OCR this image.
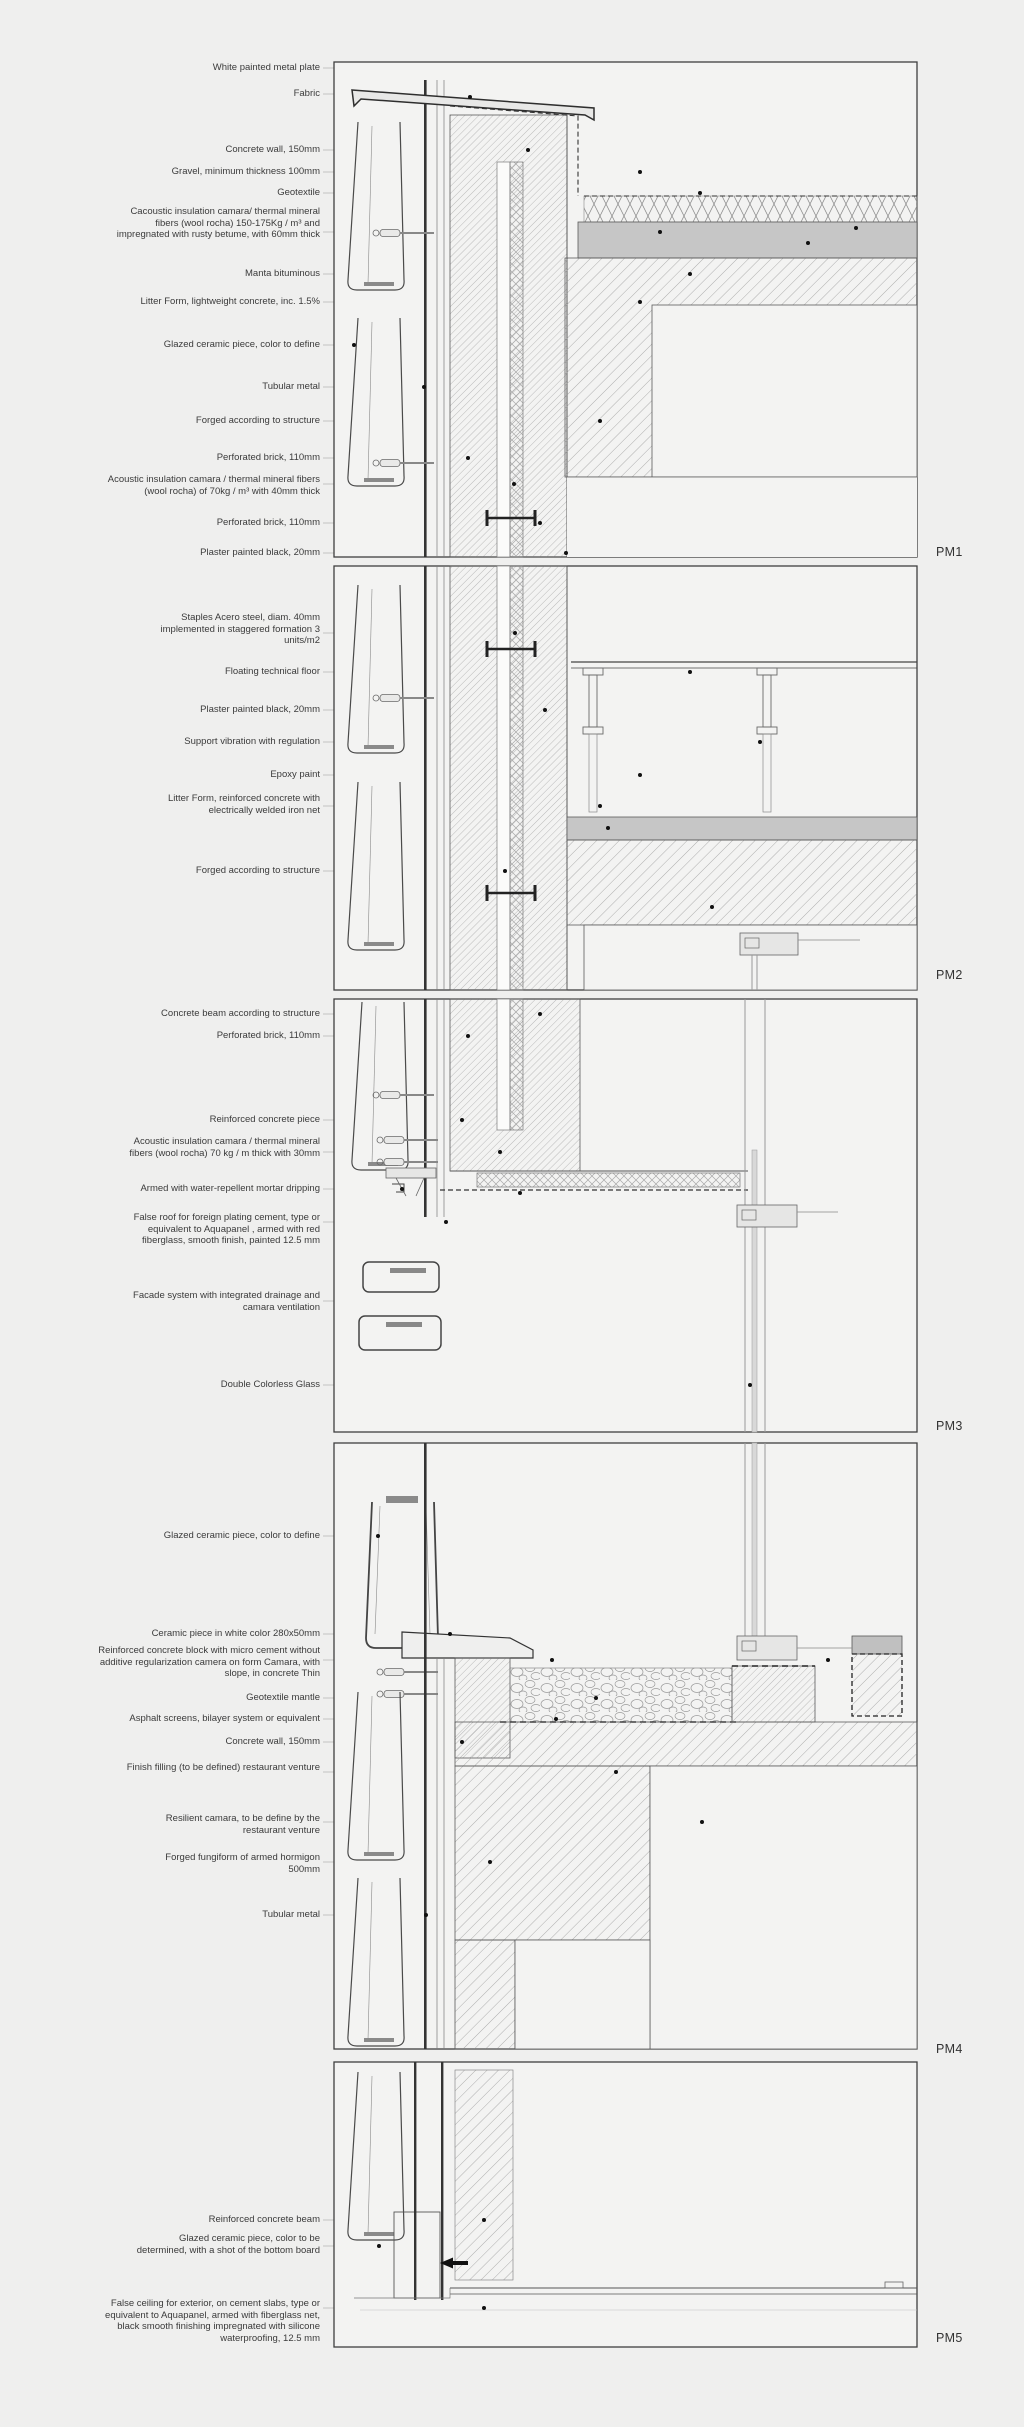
White painted metal plate
Fabric
Concrete wall, 150mm
Gravel, minimum thickness 100mm
Geotextile
Cacoustic insulation camara/ thermal mineral fibers (wool rocha) 150-175Kg / m³ and impregnated with rusty betume, with 60mm thick
Manta bituminous
Litter Form, lightweight concrete, inc. 1.5%
Glazed ceramic piece, color to define
Tubular metal
Forged according to structure
Perforated brick, 110mm
Acoustic insulation camara / thermal mineral fibers (wool rocha) of 70kg / m³ with 40mm thick
Perforated brick, 110mm
Plaster painted black, 20mm
Staples Acero steel, diam. 40mm implemented in staggered formation 3 units/m2
Floating technical floor
Plaster painted black, 20mm
Support vibration with regulation
Epoxy paint
Litter Form, reinforced concrete with electrically welded iron net
Forged according to structure
Concrete beam according to structure
Perforated brick, 110mm
Reinforced concrete piece
Acoustic insulation camara / thermal mineral fibers (wool rocha) 70 kg / m thick with 30mm
Armed with water-repellent mortar dripping
False roof for foreign plating cement, type or equivalent to Aquapanel , armed with red fiberglass, smooth finish, painted 12.5 mm
Facade system with integrated drainage and camara ventilation
Double Colorless Glass
Glazed ceramic piece, color to define
Ceramic piece in white color 280x50mm
Reinforced concrete block with micro cement without additive regularization camera on form Camara, with slope, in concrete Thin
Geotextile mantle
Asphalt screens, bilayer system or equivalent
Concrete wall, 150mm
Finish filling (to be defined) restaurant venture
Resilient camara, to be define by the restaurant venture
Forged fungiform of armed hormigon 500mm
Tubular metal
Reinforced concrete beam
Glazed ceramic piece, color to be determined, with a shot of the bottom board
False ceiling for exterior, on cement slabs, type or equivalent to Aquapanel, armed with fiberglass net, black smooth finishing impregnated with silicone waterproofing, 12.5 mm
PM1
PM2
PM3
PM4
PM5
